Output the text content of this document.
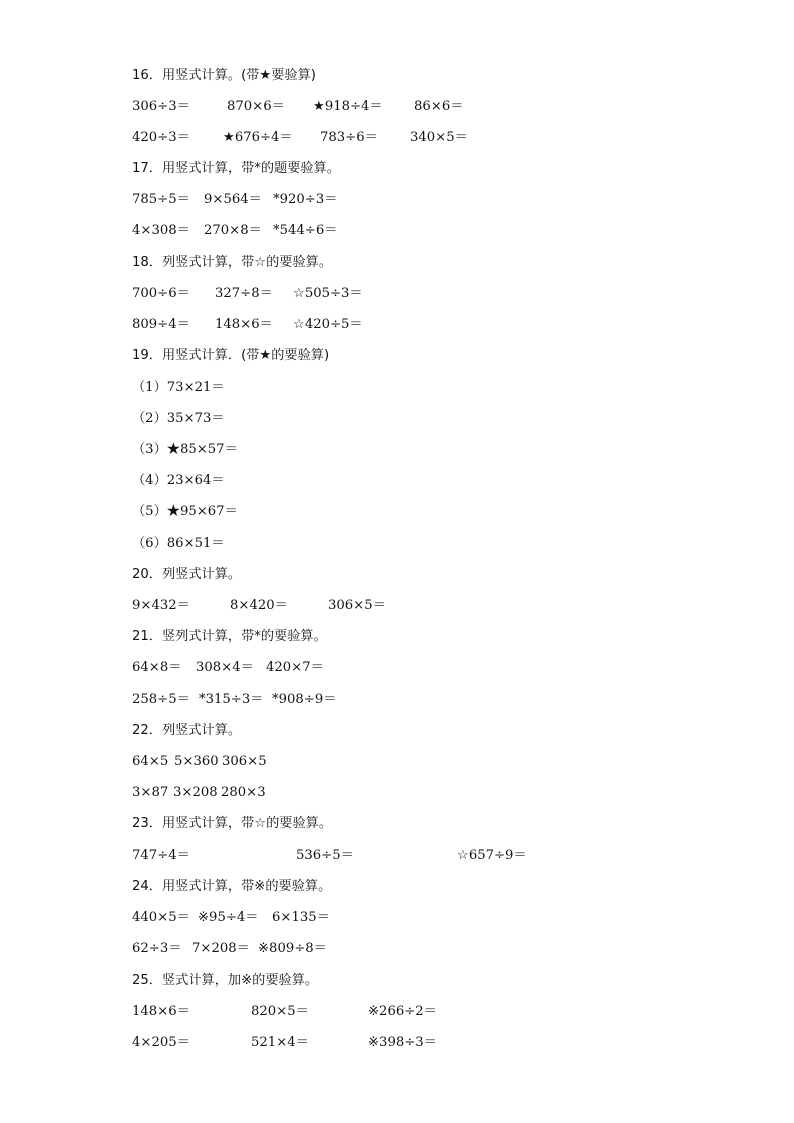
16．用竖式计算。(带★要验算)
306÷3＝	870×6＝ ★918÷4＝ 86×6＝
420÷3＝	★676÷4＝ 783÷6＝ 340×5＝
17．用竖式计算，带*的题要验算。
785÷5＝ 9×564＝ *920÷3＝
4×308＝ 270×8＝ *544÷6＝
18．列竖式计算，带☆的要验算。
700÷6＝ 327÷8＝ ☆505÷3＝
809÷4＝ 148×6＝ ☆420÷5＝
19．用竖式计算．(带★的要验算)
（1）73×21＝
（2）35×73＝
（3）★85×57＝
（4）23×64＝
（5）★95×67＝
（6）86×51＝
20．列竖式计算。
9×432＝	8×420＝	306×5＝
21．竖列式计算，带*的要验算。
64×8＝ 308×4＝ 420×7＝
258÷5＝ *315÷3＝ *908÷9＝
22．列竖式计算。
64×5 5×360 306×5
3×87 3×208 280×3
23．用竖式计算，带☆的要验算。
747÷4＝	536÷5＝	☆657÷9＝
24．用竖式计算，带※的要验算。
440×5＝ ※95÷4＝ 6×135＝
62÷3＝ 7×208＝ ※809÷8＝
25．竖式计算，加※的要验算。
148×6＝	820×5＝	※266÷2＝
4×205＝	521×4＝	※398÷3＝
